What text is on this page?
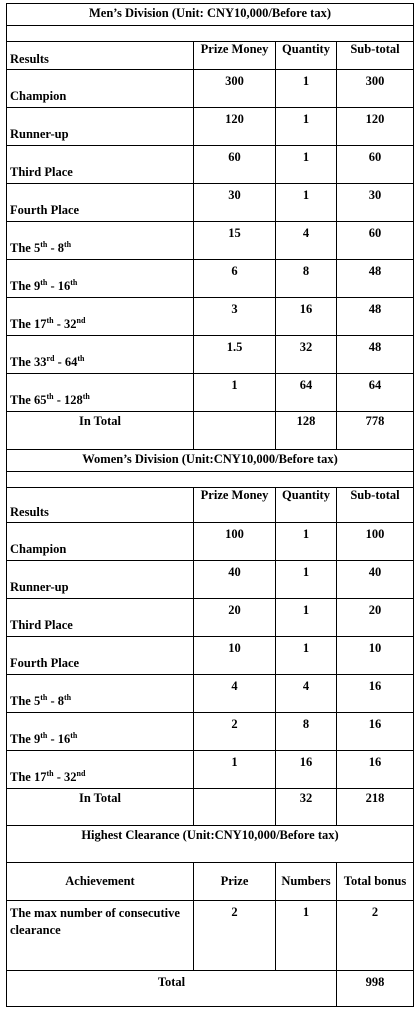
Men’s Division (Unit: CNY10,000/Before tax)			

Results	Prize Money	Quantity	Sub-total
Champion	300	1	300
Runner-up	120	1	120
Third Place	60	1	60
Fourth Place	30	1	30
The 5th - 8th	15	4	60
The 9th - 16th	6	8	48
The 17th - 32nd	3	16	48
The 33rd - 64th	1.5	32	48
The 65th - 128th	1	64	64
In Total		128	778
Women’s Division (Unit:CNY10,000/Before tax)			

Results	Prize Money	Quantity	Sub-total
Champion	100	1	100
Runner-up	40	1	40
Third Place	20	1	20
Fourth Place	10	1	10
The 5th - 8th	4	4	16
The 9th - 16th	2	8	16
The 17th - 32nd	1	16	16
In Total		32	218
Highest Clearance (Unit:CNY10,000/Before tax)			
Achievement	Prize	Numbers	Total bonus
The max number of consecutive clearance	2	1	2
Total			998
